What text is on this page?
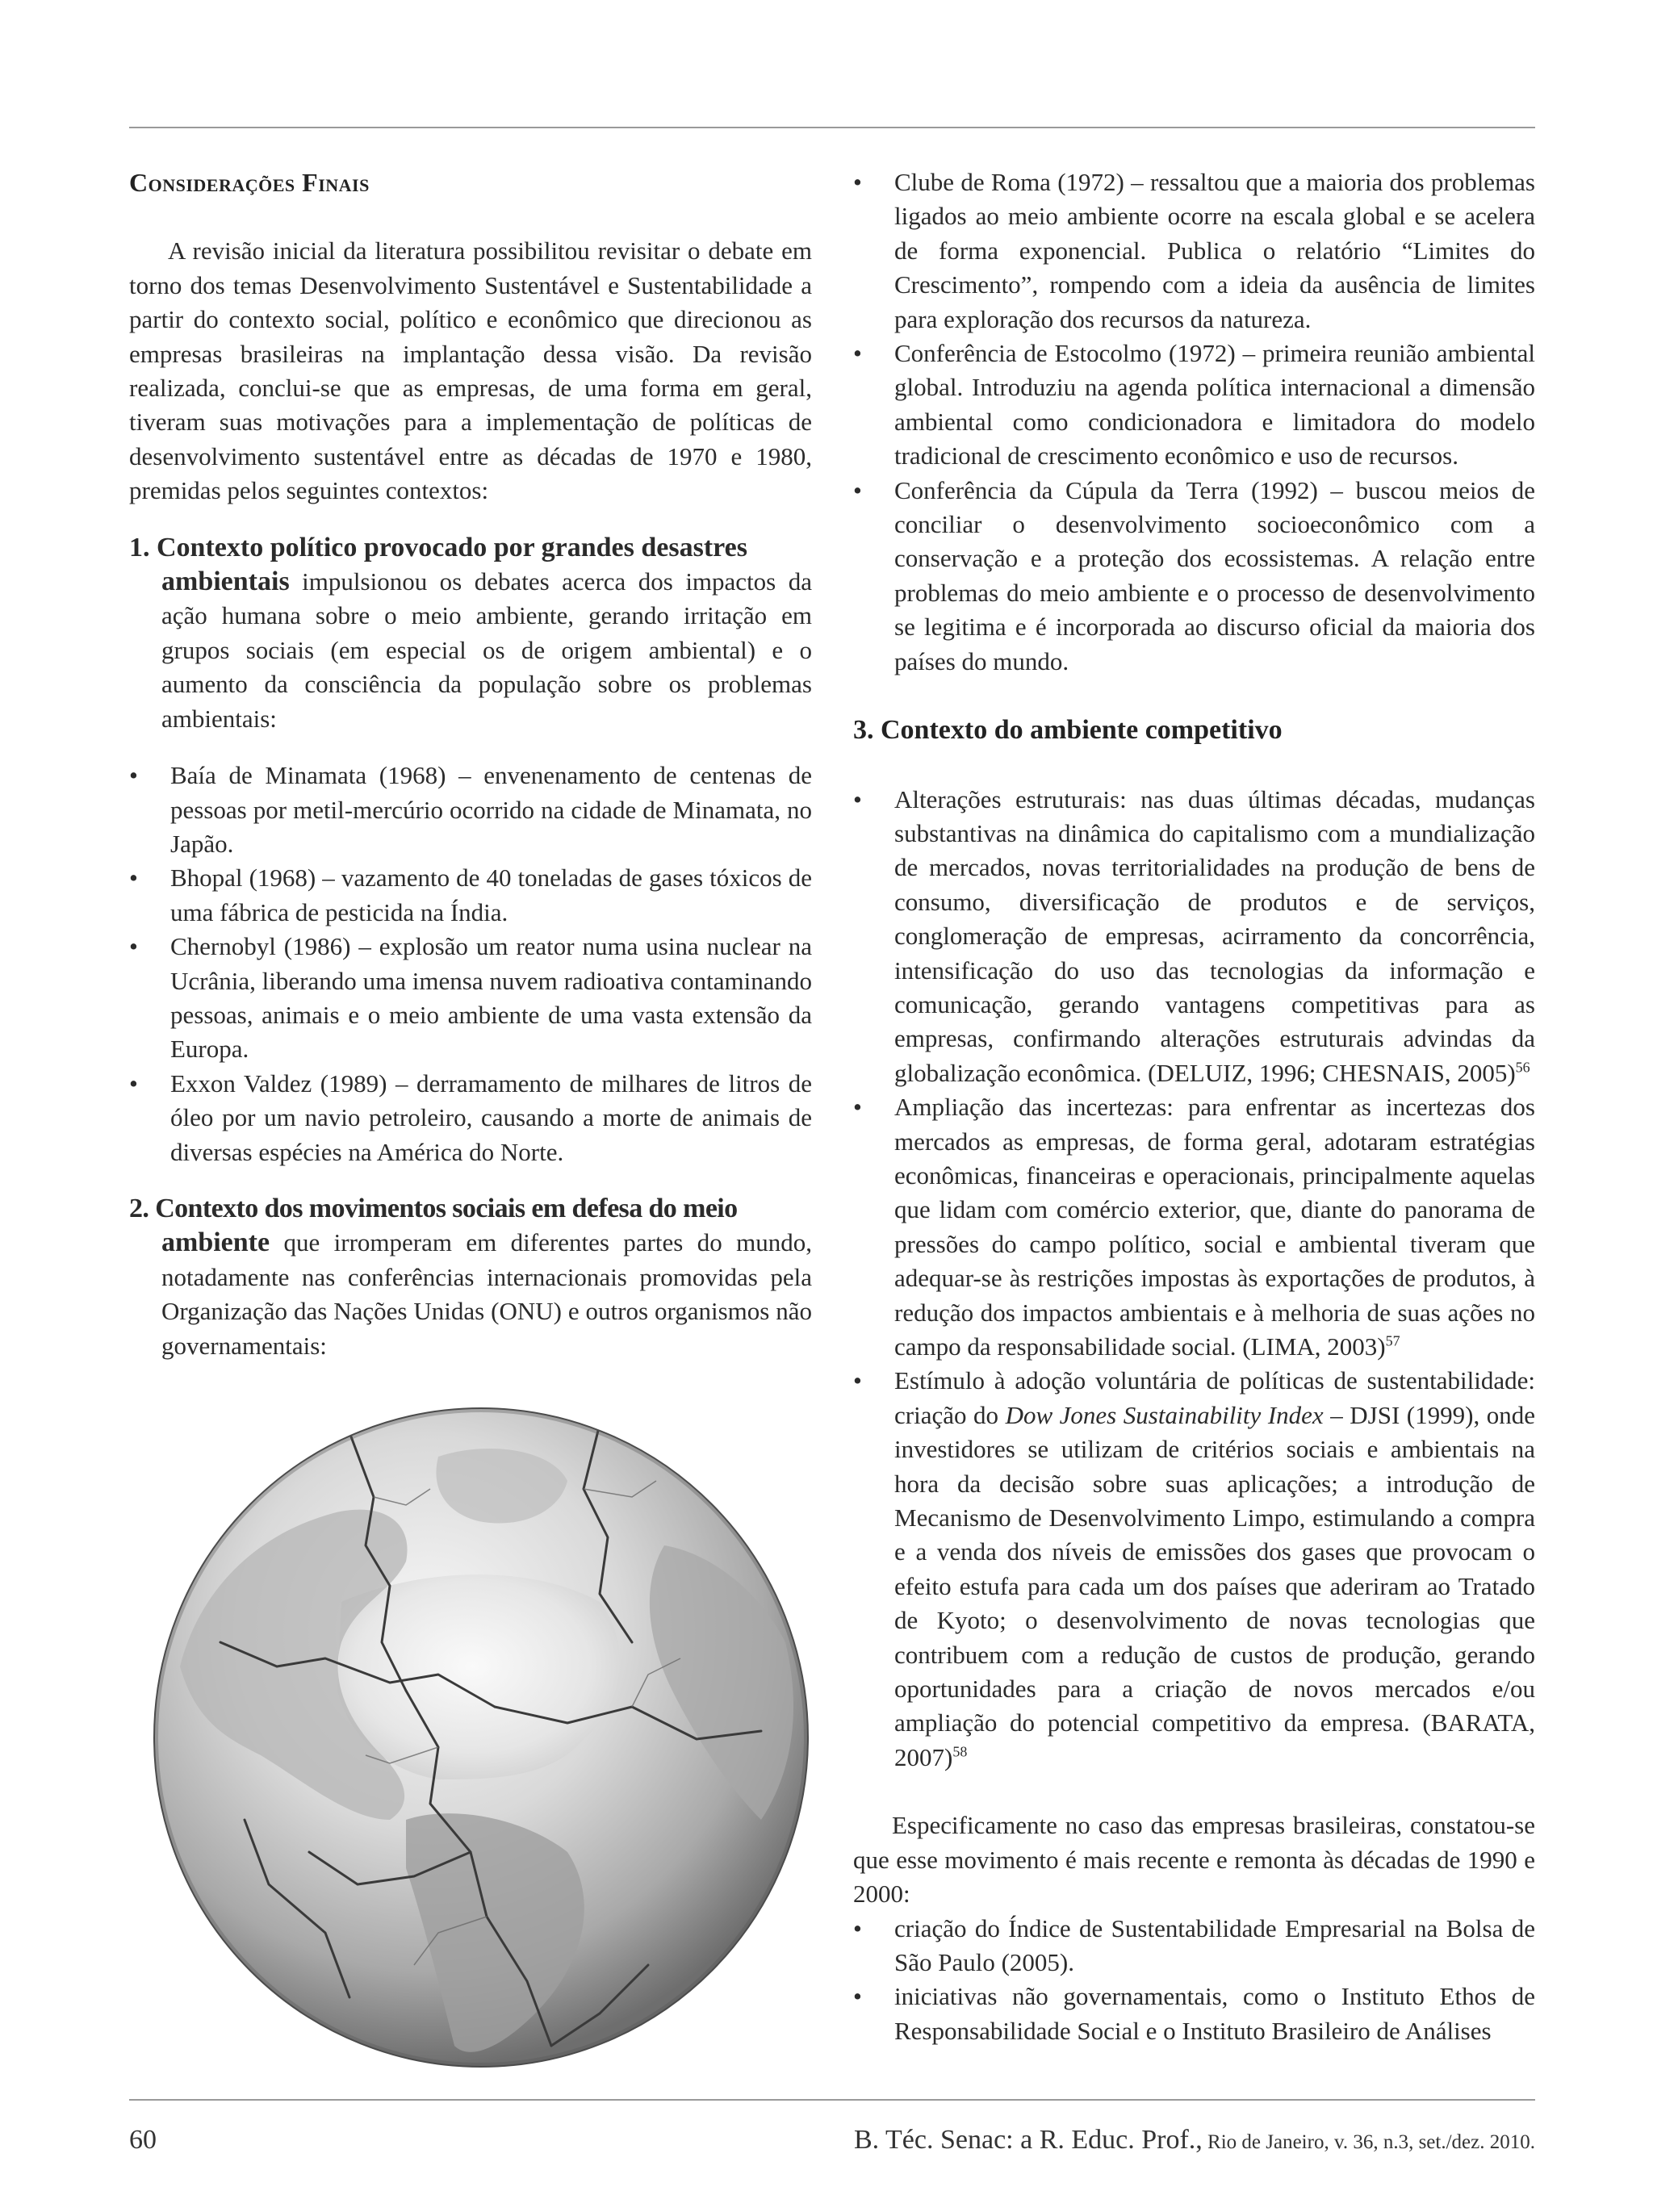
Considerações Finais

A revisão inicial da literatura possibilitou revisitar o debate em torno dos temas Desenvolvimento Sustentável e Sustentabilidade a partir do contexto social, político e econômico que direcionou as empresas brasileiras na implantação dessa visão. Da revisão realizada, conclui-se que as empresas, de uma forma em geral, tiveram suas motivações para a implementação de políticas de desenvolvimento sustentável entre as décadas de 1970 e 1980, premidas pelos seguintes contextos:

1. Contexto político provocado por grandes desastres
ambientais impulsionou os debates acerca dos impactos da ação humana sobre o meio ambiente, gerando irritação em grupos sociais (em especial os de origem ambiental) e o aumento da consciência da população sobre os problemas ambientais:
• Baía de Minamata (1968) – envenenamento de centenas de pessoas por metil-mercúrio ocorrido na cidade de Minamata, no Japão.
• Bhopal (1968) – vazamento de 40 toneladas de gases tóxicos de uma fábrica de pesticida na Índia.
• Chernobyl (1986) – explosão um reator numa usina nuclear na Ucrânia, liberando uma imensa nuvem radioativa contaminando pessoas, animais e o meio ambiente de uma vasta extensão da Europa.
• Exxon Valdez (1989) – derramamento de milhares de litros de óleo por um navio petroleiro, causando a morte de animais de diversas espécies na América do Norte.
2. Contexto dos movimentos sociais em defesa do meio
ambiente que irromperam em diferentes partes do mundo, notadamente nas conferências internacionais promovidas pela Organização das Nações Unidas (ONU) e outros organismos não governamentais:
• Clube de Roma (1972) – ressaltou que a maioria dos problemas ligados ao meio ambiente ocorre na escala global e se acelera de forma exponencial. Publica o relatório “Limites do Crescimento”, rompendo com a ideia da ausência de limites para exploração dos recursos da natureza.
• Conferência de Estocolmo (1972) – primeira reunião ambiental global. Introduziu na agenda política internacional a dimensão ambiental como condicionadora e limitadora do modelo tradicional de crescimento econômico e uso de recursos.
• Conferência da Cúpula da Terra (1992) – buscou meios de conciliar o desenvolvimento socioeconômico com a conservação e a proteção dos ecossistemas. A relação entre problemas do meio ambiente e o processo de desenvolvimento se legitima e é incorporada ao discurso oficial da maioria dos países do mundo.
3. Contexto do ambiente competitivo
• Alterações estruturais: nas duas últimas décadas, mudanças substantivas na dinâmica do capitalismo com a mundialização de mercados, novas territorialidades na produção de bens de consumo, diversificação de produtos e de serviços, conglomeração de empresas, acirramento da concorrência, intensificação do uso das tecnologias da informação e comunicação, gerando vantagens competitivas para as empresas, confirmando alterações estruturais advindas da globalização econômica. (DELUIZ, 1996; CHESNAIS, 2005)$^{56}$
• Ampliação das incertezas: para enfrentar as incertezas dos mercados as empresas, de forma geral, adotaram estratégias econômicas, financeiras e operacionais, principalmente aquelas que lidam com comércio exterior, que, diante do panorama de pressões do campo político, social e ambiental tiveram que adequar-se às restrições impostas às exportações de produtos, à redução dos impactos ambientais e à melhoria de suas ações no campo da responsabilidade social. (LIMA, 2003)$^{57}$
• Estímulo à adoção voluntária de políticas de sustentabilidade: criação do Dow Jones Sustainability Index – DJSI (1999), onde investidores se utilizam de critérios sociais e ambientais na hora da decisão sobre suas aplicações; a introdução de Mecanismo de Desenvolvimento Limpo, estimulando a compra e a venda dos níveis de emissões dos gases que provocam o efeito estufa para cada um dos países que aderiram ao Tratado de Kyoto; o desenvolvimento de novas tecnologias que contribuem com a redução de custos de produção, gerando oportunidades para a criação de novos mercados e/ou ampliação do potencial competitivo da empresa. (BARATA, 2007)$^{58}$

Especificamente no caso das empresas brasileiras, constatou-se que esse movimento é mais recente e remonta às décadas de 1990 e 2000:

• criação do Índice de Sustentabilidade Empresarial na Bolsa de São Paulo (2005).
• iniciativas não governamentais, como o Instituto Ethos de Responsabilidade Social e o Instituto Brasileiro de Análises
60	B. Téc. Senac: a R. Educ. Prof., Rio de Janeiro, v. 36, n.3, set./dez. 2010.
